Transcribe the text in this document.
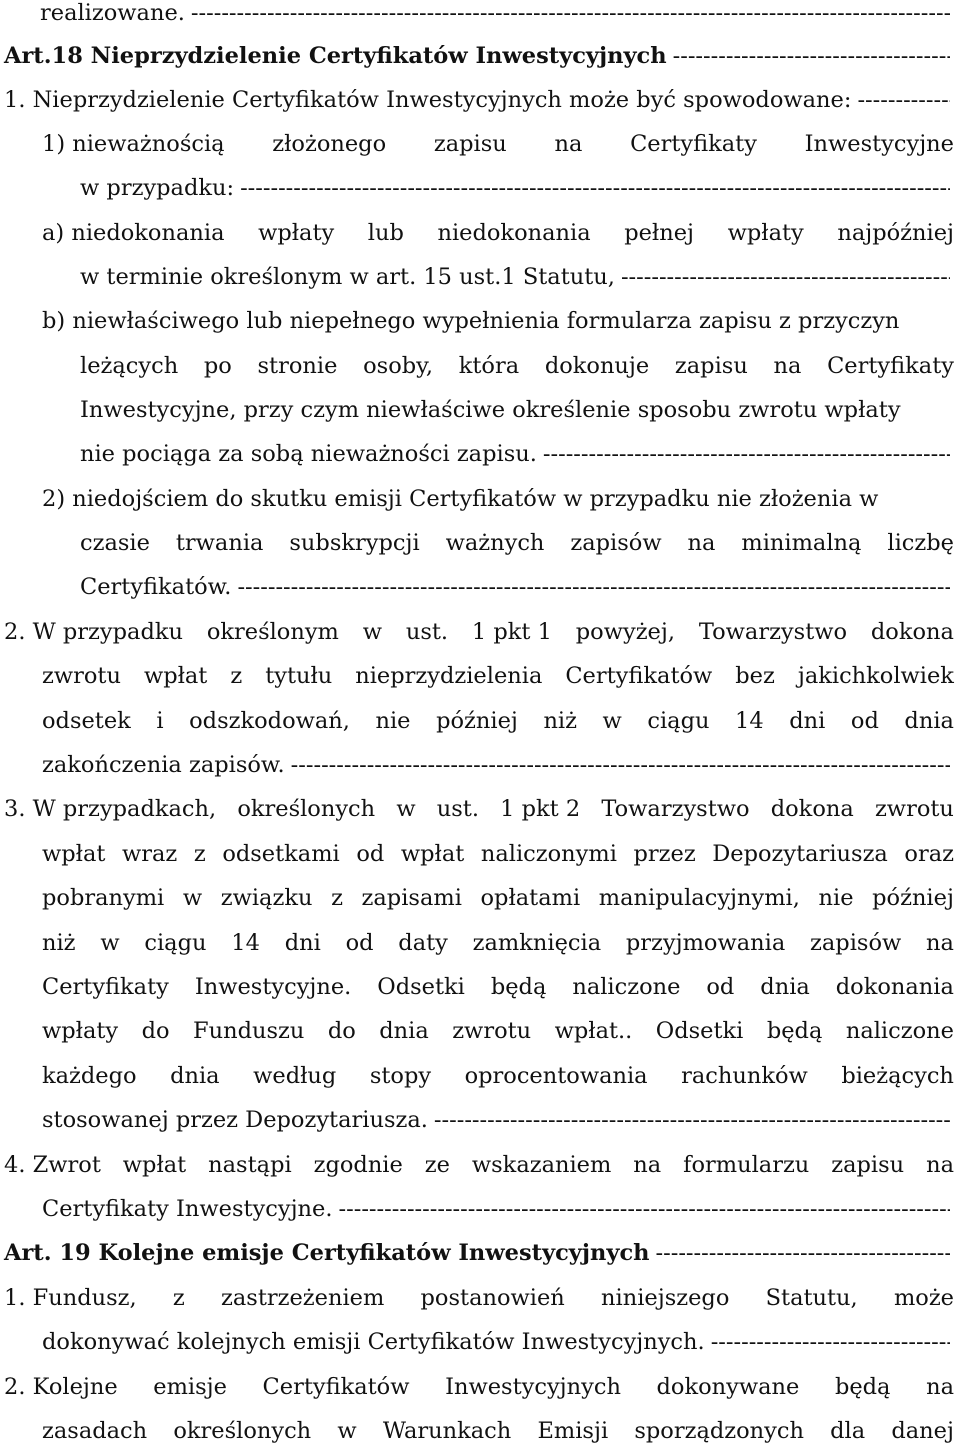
realizowane.
-----
Art.18 Nieprzydzielenie Certyfikatów Inwestycyjnych
-----
1. Nieprzydzielenie Certyfikatów Inwestycyjnych może być spowodowane:
-----
1) nieważnością złożonego zapisu na Certyfikaty Inwestycyjne
w przypadku:
-----
a) niedokonania wpłaty lub niedokonania pełnej wpłaty najpóźniej
w terminie określonym w art. 15 ust.1 Statutu,
-----
b) niewłaściwego lub niepełnego wypełnienia formularza zapisu z przyczyn
leżących po stronie osoby, która dokonuje zapisu na Certyfikaty
Inwestycyjne, przy czym niewłaściwe określenie sposobu zwrotu wpłaty
nie pociąga za sobą nieważności zapisu.
-----
2) niedojściem do skutku emisji Certyfikatów w przypadku nie złożenia w
czasie trwania subskrypcji ważnych zapisów na minimalną liczbę
Certyfikatów.
-----
2. W przypadku określonym w ust. 1 pkt 1 powyżej, Towarzystwo dokona
zwrotu wpłat z tytułu nieprzydzielenia Certyfikatów bez jakichkolwiek
odsetek i odszkodowań, nie później niż w ciągu 14 dni od dnia
zakończenia zapisów.
-----
3. W przypadkach, określonych w ust. 1 pkt 2 Towarzystwo dokona zwrotu
wpłat wraz z odsetkami od wpłat naliczonymi przez Depozytariusza oraz
pobranymi w związku z zapisami opłatami manipulacyjnymi, nie później
niż w ciągu 14 dni od daty zamknięcia przyjmowania zapisów na
Certyfikaty Inwestycyjne. Odsetki będą naliczone od dnia dokonania
wpłaty do Funduszu do dnia zwrotu wpłat.. Odsetki będą naliczone
każdego dnia według stopy oprocentowania rachunków bieżących
stosowanej przez Depozytariusza.
-----
4. Zwrot wpłat nastąpi zgodnie ze wskazaniem na formularzu zapisu na
Certyfikaty Inwestycyjne.
-----
Art. 19 Kolejne emisje Certyfikatów Inwestycyjnych
-----
1. Fundusz, z zastrzeżeniem postanowień niniejszego Statutu, może
dokonywać kolejnych emisji Certyfikatów Inwestycyjnych.
-----
2. Kolejne emisje Certyfikatów Inwestycyjnych dokonywane będą na
zasadach określonych w Warunkach Emisji sporządzonych dla danej
